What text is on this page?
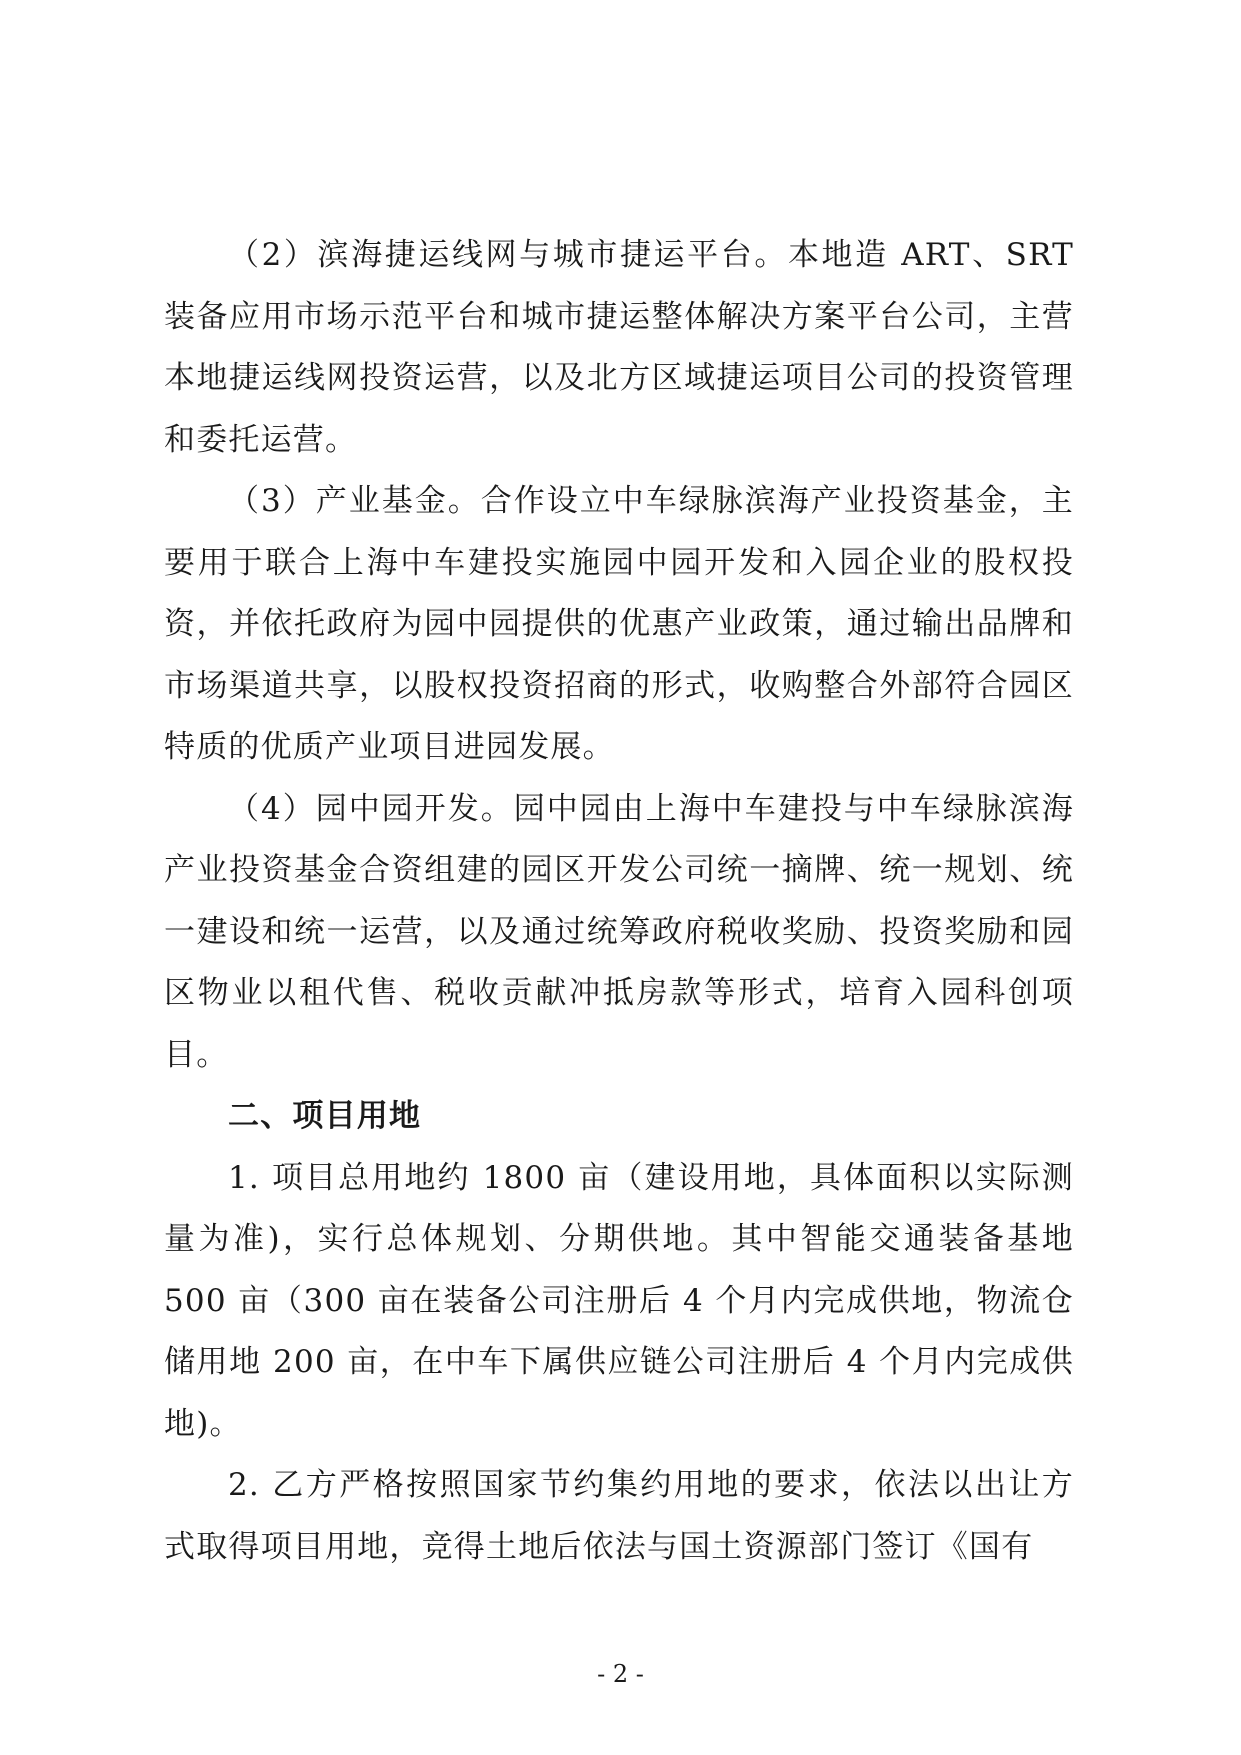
（2）滨海捷运线网与城市捷运平台。本地造 ART、SRT 装备应用市场示范平台和城市捷运整体解决方案平台公司，主营本地捷运线网投资运营，以及北方区域捷运项目公司的投资管理和委托运营。

（3）产业基金。合作设立中车绿脉滨海产业投资基金，主要用于联合上海中车建投实施园中园开发和入园企业的股权投资，并依托政府为园中园提供的优惠产业政策，通过输出品牌和市场渠道共享，以股权投资招商的形式，收购整合外部符合园区特质的优质产业项目进园发展。

（4）园中园开发。园中园由上海中车建投与中车绿脉滨海产业投资基金合资组建的园区开发公司统一摘牌、统一规划、统一建设和统一运营，以及通过统筹政府税收奖励、投资奖励和园区物业以租代售、税收贡献冲抵房款等形式，培育入园科创项目。

二、项目用地

1. 项目总用地约 1800 亩（建设用地，具体面积以实际测量为准)，实行总体规划、分期供地。其中智能交通装备基地 500 亩（300 亩在装备公司注册后 4 个月内完成供地，物流仓储用地 200 亩，在中车下属供应链公司注册后 4 个月内完成供地)。

2. 乙方严格按照国家节约集约用地的要求，依法以出让方式取得项目用地，竞得土地后依法与国土资源部门签订《国有

- 2 -
